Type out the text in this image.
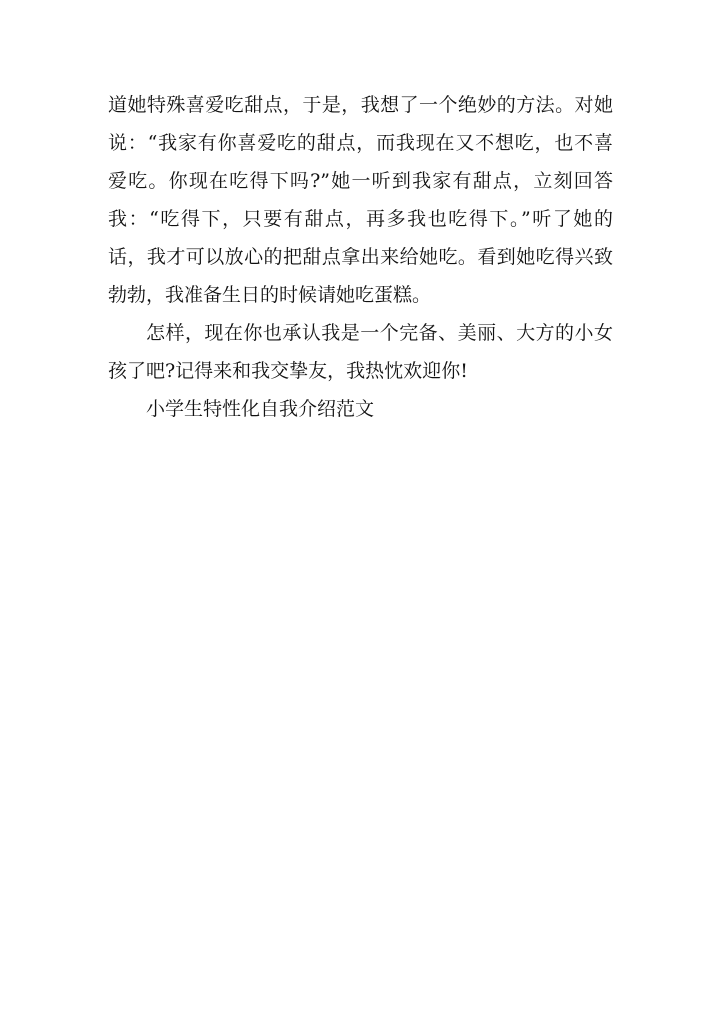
道她特殊喜爱吃甜点，于是，我想了一个绝妙的方法。对她
说：“我家有你喜爱吃的甜点，而我现在又不想吃，也不喜
爱吃。你现在吃得下吗?”她一听到我家有甜点，立刻回答
我：“吃得下，只要有甜点，再多我也吃得下。”听了她的
话，我才可以放心的把甜点拿出来给她吃。看到她吃得兴致
勃勃，我准备生日的时候请她吃蛋糕。
怎样，现在你也承认我是一个完备、美丽、大方的小女
孩了吧?记得来和我交挚友，我热忱欢迎你!
小学生特性化自我介绍范文
